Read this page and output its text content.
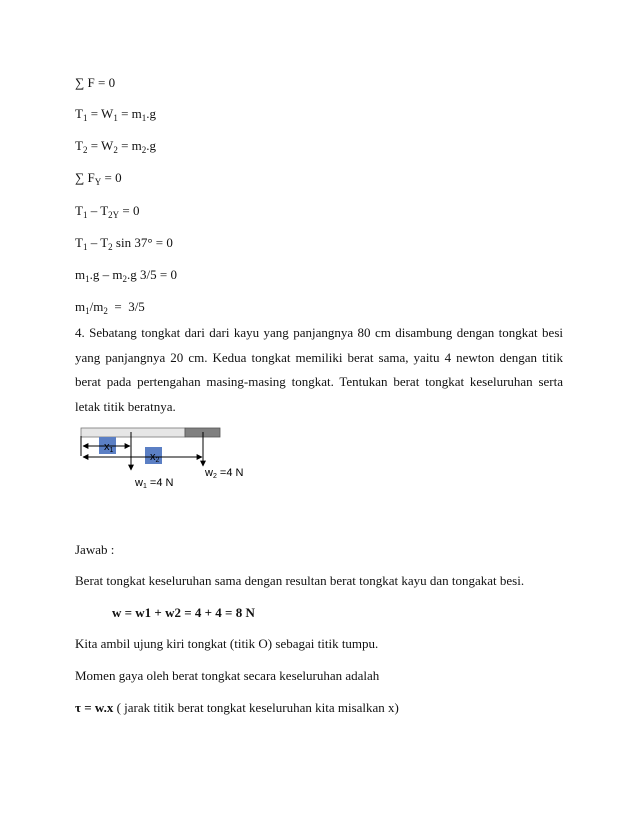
∑ F = 0
$T_1 = W_1 = m_1.g$
$T_2 = W_2 = m_2.g$
∑ $F_Y = 0$
$T_1 - T_{2Y} = 0$
$T_1 - T_2$ sin 37° = 0
$m_1.g - m_2.g$ 3/5 = 0
$m_1/m_2 = 3/5$
4. Sebatang tongkat dari dari kayu yang panjangnya 80 cm disambung dengan tongkat besi yang panjangnya 20 cm. Kedua tongkat memiliki berat sama, yaitu 4 newton dengan titik berat pada pertengahan masing-masing tongkat. Tentukan berat tongkat keseluruhan serta letak titik beratnya.
x1
x2
w2 =4 N
w1 =4 N
Jawab :
Berat tongkat keseluruhan sama dengan resultan berat tongkat kayu dan tongakat besi.
w = w1 + w2 = 4 + 4 = 8 N
Kita ambil ujung kiri tongkat (titik O) sebagai titik tumpu.
Momen gaya oleh berat tongkat secara keseluruhan adalah
τ = w.x ( jarak titik berat tongkat keseluruhan kita misalkan x)
